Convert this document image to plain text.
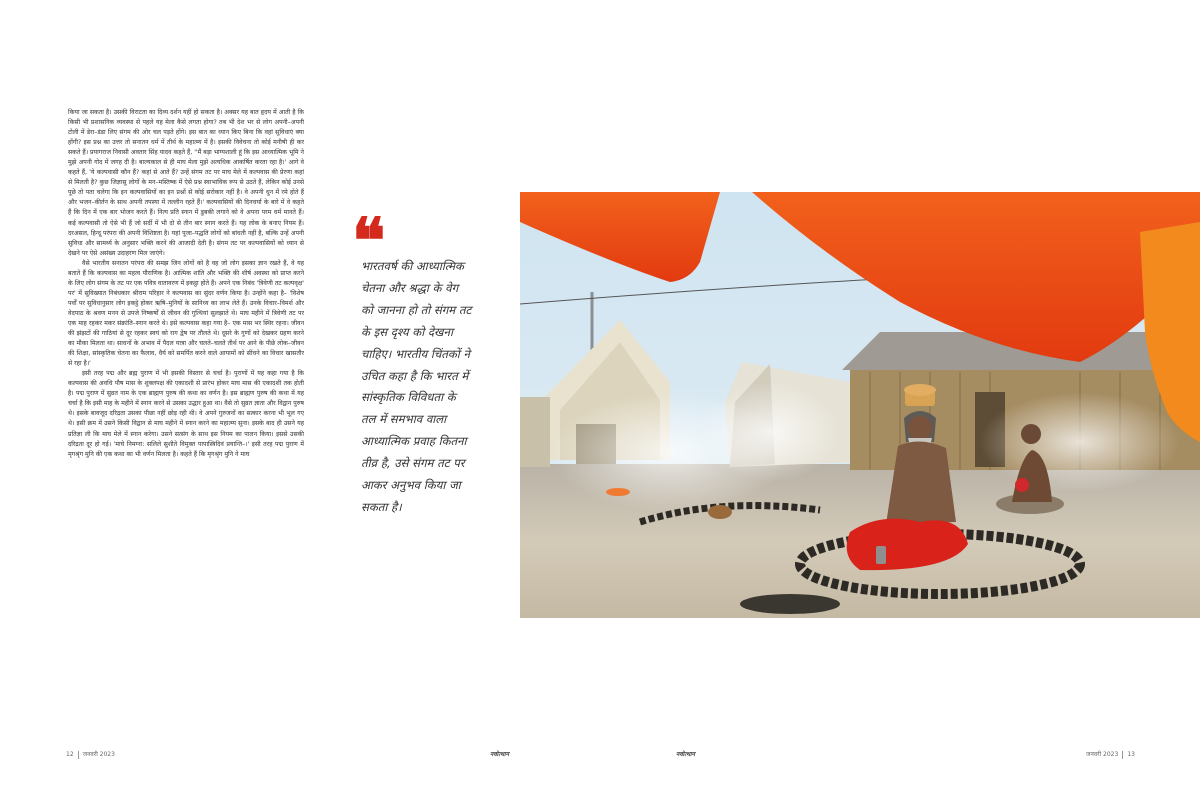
किया जा सकता है। उसकी विराटता का दिव्य दर्शन यहीं हो सकता है। अक्सर यह बात हृदय में आती है कि किसी भी प्रशासनिक व्यवस्था से पहले यह मेला कैसे लगता होगा? तब भी देश भर से लोग अपनी–अपनी टोली में डेरा–डंडा लिए संगम की ओर चल पड़ते होंगे। इस बात का ध्यान किए बिना कि वहां सुविधाएं क्या होंगी? इस प्रश्न का उत्तर तो सनातन धर्म में तीर्थ के महात्म्य में है। इसकी विवेचना तो कोई मनीषी ही कर सकते हैं। प्रयागराज निवासी अवतार सिंह यादव कहते हैं, ''मैं बड़ा भाग्यशाली हूं कि इस आध्यात्मिक भूमि ने मुझे अपनी गोद में जगह दी है। बाल्यकाल से ही माघ मेला मुझे अत्यधिक आकर्षित करता रहा है।' आगे वे कहते हैं, 'ये कल्पवासी कौन हैं? कहां से आते हैं? उन्हें संगम तट पर माघ मेले में कल्पवास की प्रेरणा कहां से मिलती है? कुछ जिज्ञासु लोगों के मन–मस्तिष्क में ऐसे प्रश्न स्वाभाविक रूप से उठते हैं, लेकिन कोई उनसे पूछे तो पता चलेगा कि इन कल्पवासियों का इन प्रश्नों से कोई सरोकार नहीं है। वे अपनी धुन में रमे होते हैं और भजन–कीर्तन के साथ अपनी तपस्या में तल्लीन रहते हैं।' कल्पवासियों की दिनचर्या के बारे में वे कहते हैं कि दिन में एक बार भोजन करते हैं। नित्य प्रति स्नान में डुबकी लगाने को वे अपना परम धर्म मानते हैं। कई कल्पवासी तो ऐसे भी हैं जो सर्दी में भी दो से तीन बार स्नान करते हैं। यह लोक के बनाए नियम हैं। दरअसल, हिन्दू परंपरा की अपनी विशिष्टता है। यहां पूजा–पद्धति लोगों को बांधती नहीं है, बल्कि उन्हें अपनी सुविधा और सामर्थ्य के अनुसार भक्ति करने की आजादी देती है। संगम तट पर कल्पवासियों को ध्यान से देखने पर ऐसे असंख्य उदाहरण मिल जाएंगे।

वैसे भारतीय सनातन परंपरा की समझ जिन लोगों को है वह जो लोग इसका ज्ञान रखते हैं, वे यह बताते हैं कि कल्पवास का महत्व पौराणिक है। आत्मिक शांति और भक्ति की शीर्ष अवस्था को प्राप्त करने के लिए लोग संगम के तट पर एक पवित्र वातावरण में इकट्ठा होते हैं। अपने एक निबंध 'त्रिवेणी तट कल्पवृक्ष' पर' में सुविख्यात निबंधकार श्रीराम परिहार ने कल्पवास का सुंदर वर्णन किया है। उन्होंने कहा है– 'विशेष पर्वों पर सुविधानुसार लोग इकट्ठे होकर ऋषि–मुनियों के सानिध्य का लाभ लेते हैं। उनके विचार–विमर्श और वेदपाठ के श्रवण मनन से उपजे निष्कर्षों से जीवन की गुत्थियां सुलझाते थे। माघ महीने में त्रिवेणी तट पर एक माह रहकर मकर संक्रांति–स्नान करते थे। इसे कल्पवास कहा गया है– एक मास भर स्थिर रहना। जीवन की झंझटों की गाठियां से दूर रहकर स्वयं को राग द्वेष पर तौलते थे। दूसरे के गुणों को देखकर ग्रहण करने का मौका मिलता था। साधनों के अभाव में पैदल यात्रा और चलते–चलते तीर्थ पर आने के पीछे लोक–जीवन की शिक्षा, सांस्कृतिक चेतना का फैलाव, धैर्य को समर्पित करने वाले आयामों को सींचने का विचार खासतौर से रहा है।'

इसी तरह पद्म और ब्रह्म पुराण में भी इसकी विस्तार से चर्चा है। पुराणों में यह कहा गया है कि कल्पवास की अवधि पौष मास के शुक्लपक्ष की एकादशी से प्रारंभ होकर माघ मास की एकादशी तक होती है। पद्म पुराण में सुव्रत नाम के एक ब्राह्मण पुरुष की कथा का वर्णन है। इस ब्राह्मण पुरुष की कथा में यह चर्चा है कि इसी माह के महीने में स्नान करने से उसका उद्धार हुआ था। वैसे तो सुव्रत ज्ञाता और विद्वान पुरुष थे। इसके बावजूद दरिद्रता उसका पीछा नहीं छोड़ रही थी। वे अपने गुरुजनों का सत्कार करना भी भूल गए थे। इसी क्रम में उसने किसी विद्वान से माघ महीने में स्नान करने का महात्म्य सुना। इसके बाद ही उसने यह प्रतिज्ञा ली कि माघ मेले में स्नान करेगा। उसने सत्संग के साथ इस नियम का पालन किया। इससे उसकी दरिद्रता दूर हो गई। 'माघे निमग्ना: सलिले सुशीते विमुक्त पापास्त्रिदिवं प्रयान्ति–।' इसी तरह पद्म पुराण में मृगश्रृंग मुनि की एक कथा का भी वर्णन मिलता है। कहते हैं कि मृगश्रृंग मुनि ने माघ

❝
भारतवर्ष की आध्यात्मिक चेतना और श्रद्धा के वेग को जानना हो तो संगम तट के इस दृश्य को देखना चाहिए। भारतीय चिंतकों ने उचित कहा है कि भारत में सांस्कृतिक विविधता के तल में समभाव वाला आध्यात्मिक प्रवाह कितना तीव्र है, उसे संगम तट पर आकर अनुभव किया जा सकता है।
12 जनवरी 2023	नवोत्थान	नवोत्थान	जनवरी 2023 13
